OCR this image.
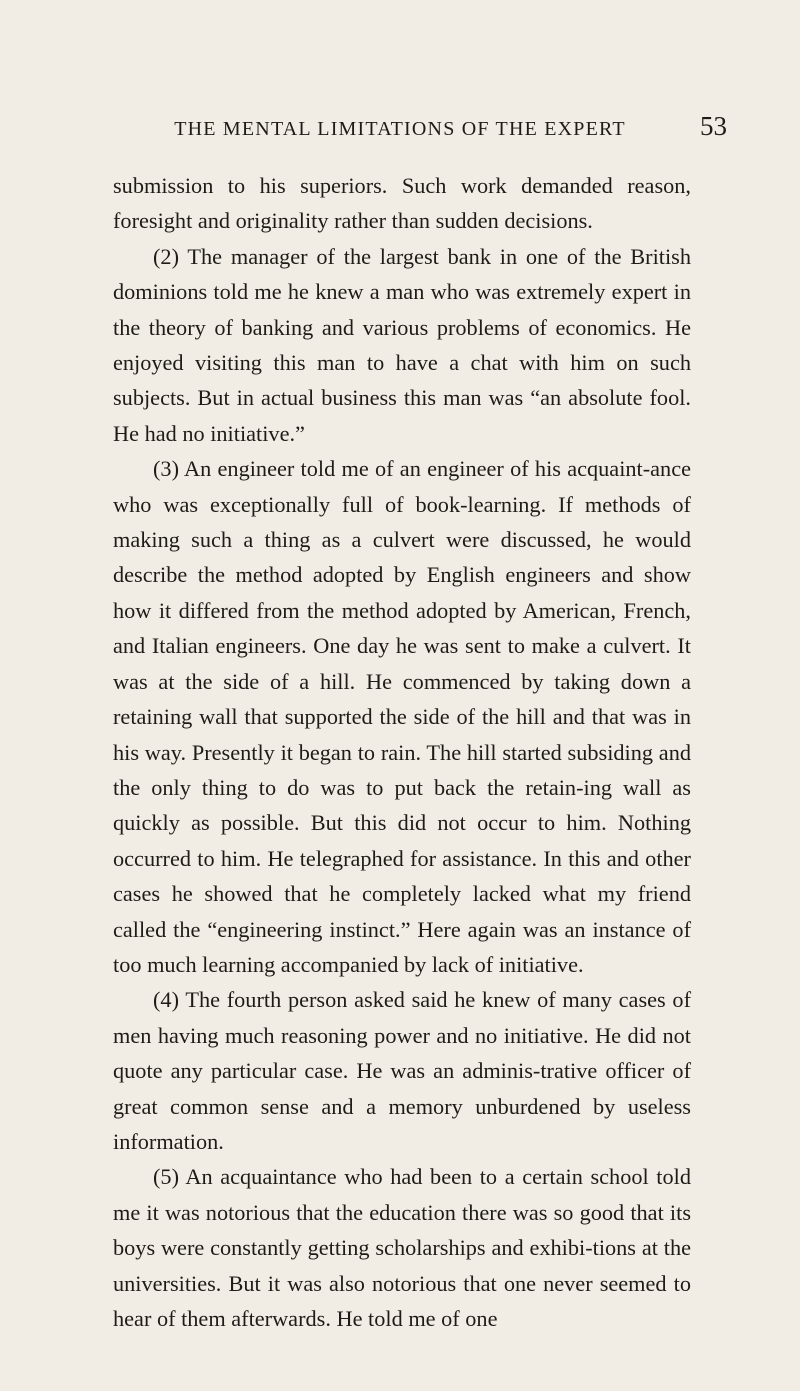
THE MENTAL LIMITATIONS OF THE EXPERT	53

submission to his superiors. Such work demanded reason, foresight and originality rather than sudden decisions.

(2) The manager of the largest bank in one of the British dominions told me he knew a man who was extremely expert in the theory of banking and various problems of economics. He enjoyed visiting this man to have a chat with him on such subjects. But in actual business this man was “an absolute fool. He had no initiative.”

(3) An engineer told me of an engineer of his acquaint-ance who was exceptionally full of book-learning. If methods of making such a thing as a culvert were discussed, he would describe the method adopted by English engineers and show how it differed from the method adopted by American, French, and Italian engineers. One day he was sent to make a culvert. It was at the side of a hill. He commenced by taking down a retaining wall that supported the side of the hill and that was in his way. Presently it began to rain. The hill started subsiding and the only thing to do was to put back the retain-ing wall as quickly as possible. But this did not occur to him. Nothing occurred to him. He telegraphed for assistance. In this and other cases he showed that he completely lacked what my friend called the “engineering instinct.” Here again was an instance of too much learning accompanied by lack of initiative.

(4) The fourth person asked said he knew of many cases of men having much reasoning power and no initiative. He did not quote any particular case. He was an adminis-trative officer of great common sense and a memory unburdened by useless information.

(5) An acquaintance who had been to a certain school told me it was notorious that the education there was so good that its boys were constantly getting scholarships and exhibi-tions at the universities. But it was also notorious that one never seemed to hear of them afterwards. He told me of one
